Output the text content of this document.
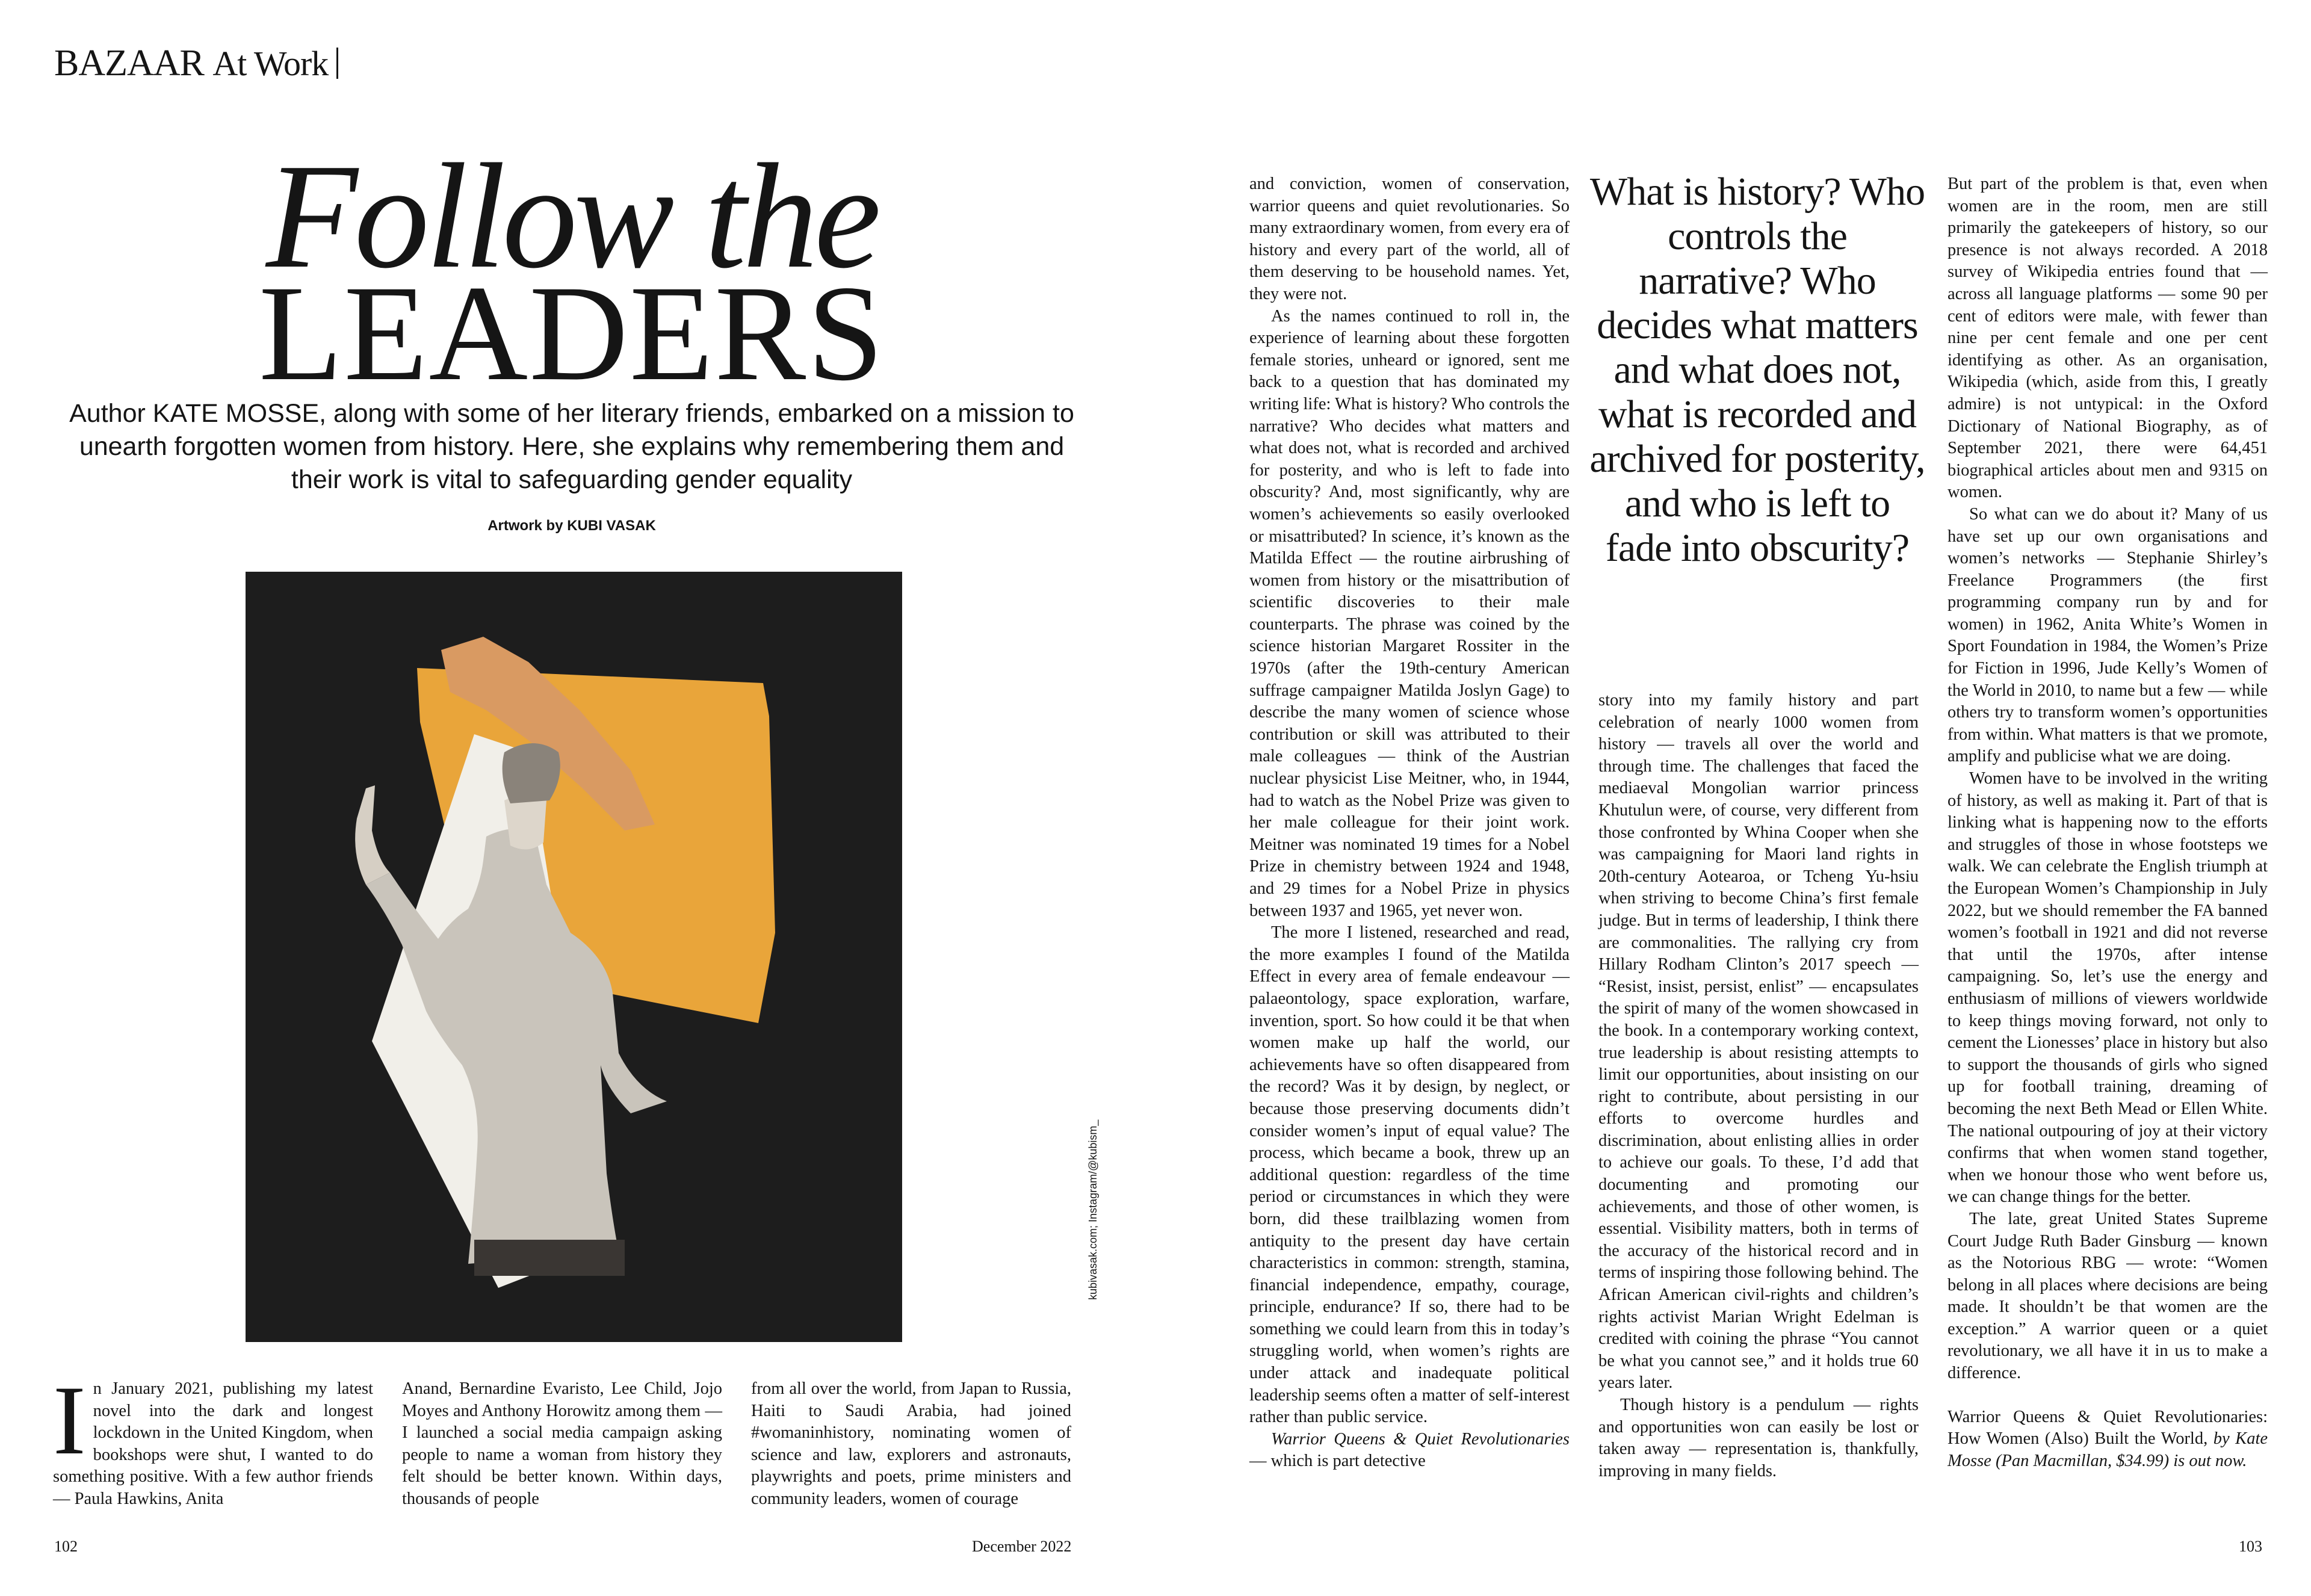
BAZAAR At Work
Follow the
LEADERS
Author KATE MOSSE, along with some of her literary friends, embarked on a mission to unearth forgotten women from history. Here, she explains why remembering them and their work is vital to safeguarding gender equality
Artwork by KUBI VASAK
kubivasak.com; Instagram/@kubism_

In January 2021, publishing my latest novel into the dark and longest lockdown in the United Kingdom, when bookshops were shut, I wanted to do something positive. With a few author friends — Paula Hawkins, Anita

Anand, Bernardine Evaristo, Lee Child, Jojo Moyes and Anthony Horowitz among them — I launched a social media campaign asking people to name a woman from history they felt should be better known. Within days, thousands of people

from all over the world, from Japan to Russia, Haiti to Saudi Arabia, had joined #womaninhistory, nominating women of science and law, explorers and astronauts, playwrights and poets, prime ministers and community leaders, women of courage

and conviction, women of conservation, warrior queens and quiet revolutionaries. So many extraordinary women, from every era of history and every part of the world, all of them deserving to be household names. Yet, they were not.

As the names continued to roll in, the experience of learning about these forgotten female stories, unheard or ignored, sent me back to a question that has dominated my writing life: What is history? Who controls the narrative? Who decides what matters and what does not, what is recorded and archived for posterity, and who is left to fade into obscurity? And, most significantly, why are women’s achievements so easily overlooked or misattributed? In science, it’s known as the Matilda Effect — the routine airbrushing of women from history or the misattribution of scientific discoveries to their male counterparts. The phrase was coined by the science historian Margaret Rossiter in the 1970s (after the 19th-century American suffrage campaigner Matilda Joslyn Gage) to describe the many women of science whose contribution or skill was attributed to their male colleagues — think of the Austrian nuclear physicist Lise Meitner, who, in 1944, had to watch as the Nobel Prize was given to her male colleague for their joint work. Meitner was nominated 19 times for a Nobel Prize in chemistry between 1924 and 1948, and 29 times for a Nobel Prize in physics between 1937 and 1965, yet never won.

The more I listened, researched and read, the more examples I found of the Matilda Effect in every area of female endeavour — palaeontology, space exploration, warfare, invention, sport. So how could it be that when women make up half the world, our achievements have so often disappeared from the record? Was it by design, by neglect, or because those preserving documents didn’t consider women’s input of equal value? The process, which became a book, threw up an additional question: regardless of the time period or circumstances in which they were born, did these trailblazing women from antiquity to the present day have certain characteristics in common: strength, stamina, financial independence, empathy, courage, principle, endurance? If so, there had to be something we could learn from this in today’s struggling world, when women’s rights are under attack and inadequate political leadership seems often a matter of self-interest rather than public service.

Warrior Queens & Quiet Revolutionaries — which is part detective

What is history? Who controls the narrative? Who decides what matters and what does not, what is recorded and archived for posterity, and who is left to fade into obscurity?

story into my family history and part celebration of nearly 1000 women from history — travels all over the world and through time. The challenges that faced the mediaeval Mongolian warrior princess Khutulun were, of course, very different from those confronted by Whina Cooper when she was campaigning for Maori land rights in 20th-century Aotearoa, or Tcheng Yu-hsiu when striving to become China’s first female judge. But in terms of leadership, I think there are commonalities. The rallying cry from Hillary Rodham Clinton’s 2017 speech — “Resist, insist, persist, enlist” — encapsulates the spirit of many of the women showcased in the book. In a contemporary working context, true leadership is about resisting attempts to limit our opportunities, about insisting on our right to contribute, about persisting in our efforts to overcome hurdles and discrimination, about enlisting allies in order to achieve our goals. To these, I’d add that documenting and promoting our achievements, and those of other women, is essential. Visibility matters, both in terms of the accuracy of the historical record and in terms of inspiring those following behind. The African American civil-rights and children’s rights activist Marian Wright Edelman is credited with coining the phrase “You cannot be what you cannot see,” and it holds true 60 years later.

Though history is a pendulum — rights and opportunities won can easily be lost or taken away — representation is, thankfully, improving in many fields.

But part of the problem is that, even when women are in the room, men are still primarily the gatekeepers of history, so our presence is not always recorded. A 2018 survey of Wikipedia entries found that — across all language platforms — some 90 per cent of editors were male, with fewer than nine per cent female and one per cent identifying as other. As an organisation, Wikipedia (which, aside from this, I greatly admire) is not untypical: in the Oxford Dictionary of National Biography, as of September 2021, there were 64,451 biographical articles about men and 9315 on women.

So what can we do about it? Many of us have set up our own organisations and women’s networks — Stephanie Shirley’s Freelance Programmers (the first programming company run by and for women) in 1962, Anita White’s Women in Sport Foundation in 1984, the Women’s Prize for Fiction in 1996, Jude Kelly’s Women of the World in 2010, to name but a few — while others try to transform women’s opportunities from within. What matters is that we promote, amplify and publicise what we are doing.

Women have to be involved in the writing of history, as well as making it. Part of that is linking what is happening now to the efforts and struggles of those in whose footsteps we walk. We can celebrate the English triumph at the European Women’s Championship in July 2022, but we should remember the FA banned women’s football in 1921 and did not reverse that until the 1970s, after intense campaigning. So, let’s use the energy and enthusiasm of millions of viewers worldwide to keep things moving forward, not only to cement the Lionesses’ place in history but also to support the thousands of girls who signed up for football training, dreaming of becoming the next Beth Mead or Ellen White. The national outpouring of joy at their victory confirms that when women stand together, when we honour those who went before us, we can change things for the better.

The late, great United States Supreme Court Judge Ruth Bader Ginsburg — known as the Notorious RBG — wrote: “Women belong in all places where decisions are being made. It shouldn’t be that women are the exception.” A warrior queen or a quiet revolutionary, we all have it in us to make a difference.

Warrior Queens & Quiet Revolutionaries: How Women (Also) Built the World, by Kate Mosse (Pan Macmillan, $34.99) is out now.

102	December 2022	103
